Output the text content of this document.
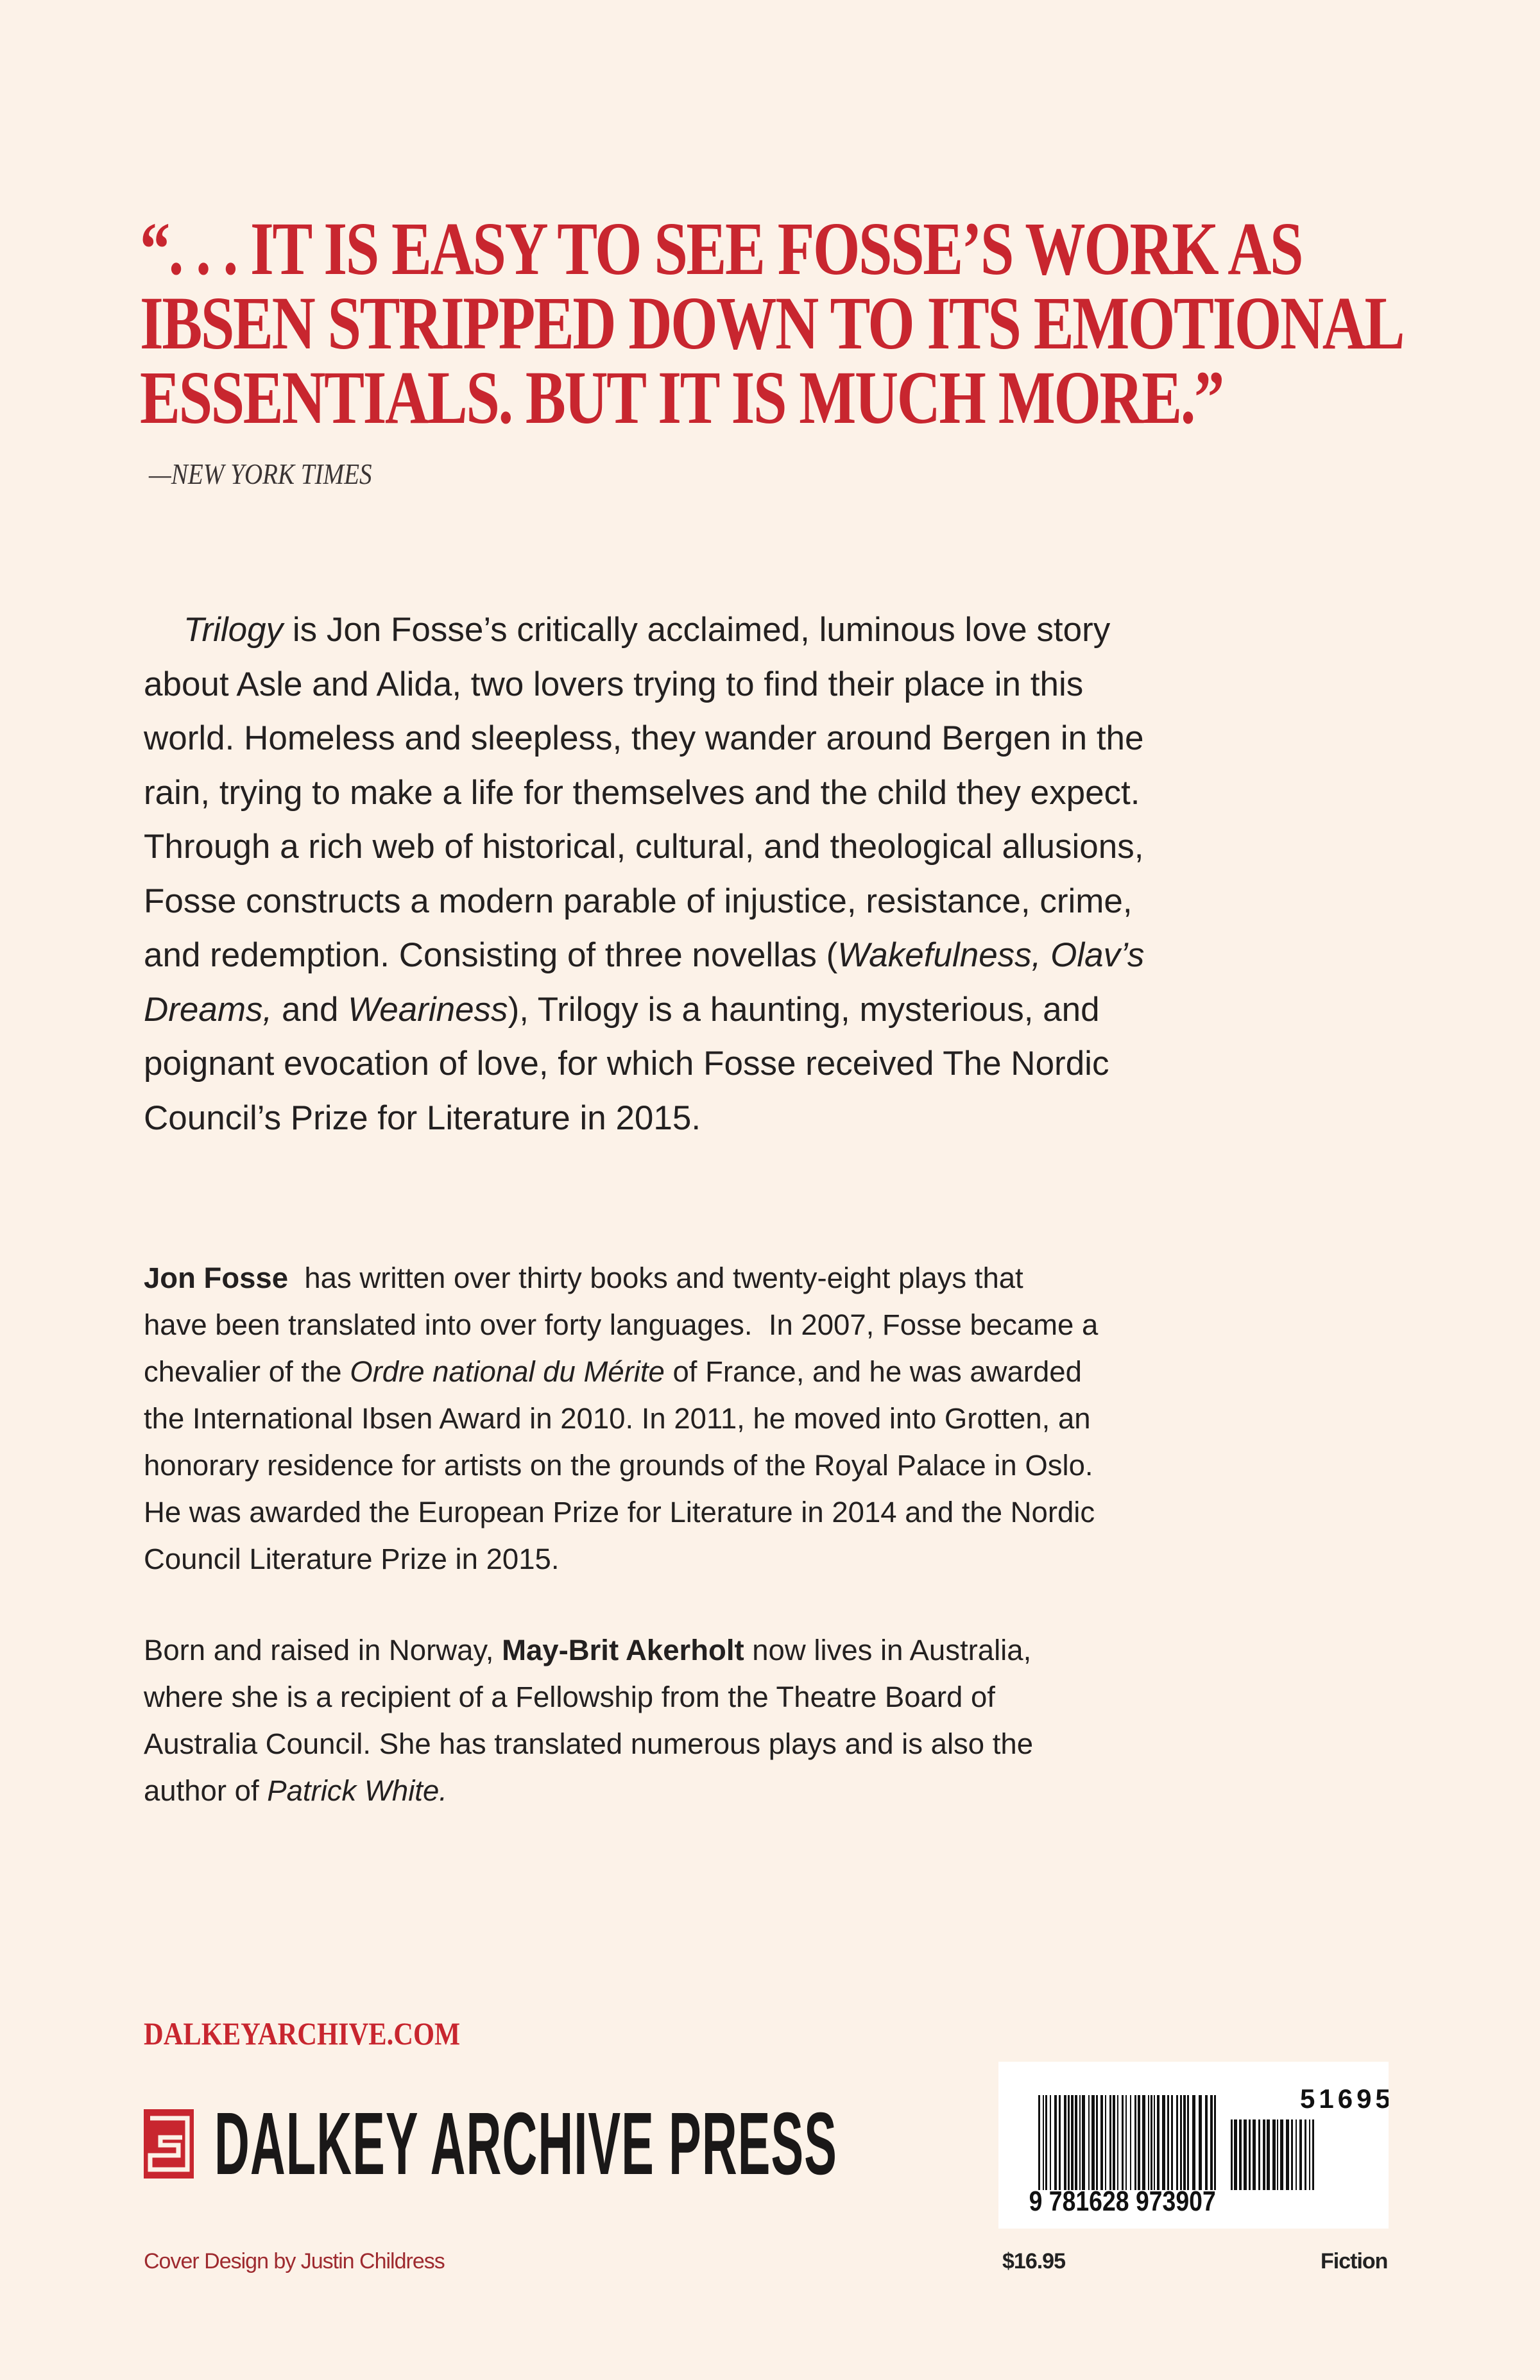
“. . . IT IS EASY TO SEE FOSSE’S WORK AS
IBSEN STRIPPED DOWN TO ITS EMOTIONAL
ESSENTIALS. BUT IT IS MUCH MORE.”
—NEW YORK TIMES
Trilogy is Jon Fosse’s critically acclaimed, luminous love story
about Asle and Alida, two lovers trying to find their place in this
world. Homeless and sleepless, they wander around Bergen in the
rain, trying to make a life for themselves and the child they expect.
Through a rich web of historical, cultural, and theological allusions,
Fosse constructs a modern parable of injustice, resistance, crime,
and redemption. Consisting of three novellas (Wakefulness, Olav’s
Dreams, and Weariness), Trilogy is a haunting, mysterious, and
poignant evocation of love, for which Fosse received The Nordic
Council’s Prize for Literature in 2015.
Jon Fosse  has written over thirty books and twenty-eight plays that
have been translated into over forty languages.  In 2007, Fosse became a
chevalier of the Ordre national du Mérite of France, and he was awarded
the International Ibsen Award in 2010. In 2011, he moved into Grotten, an
honorary residence for artists on the grounds of the Royal Palace in Oslo.
He was awarded the European Prize for Literature in 2014 and the Nordic
Council Literature Prize in 2015.
Born and raised in Norway, May-Brit Akerholt now lives in Australia,
where she is a recipient of a Fellowship from the Theatre Board of
Australia Council. She has translated numerous plays and is also the
author of Patrick White.
DALKEYARCHIVE.COM
DALKEY ARCHIVE PRESS
9 781628 973907
51695
Cover Design by Justin Childress	$16.95	Fiction
